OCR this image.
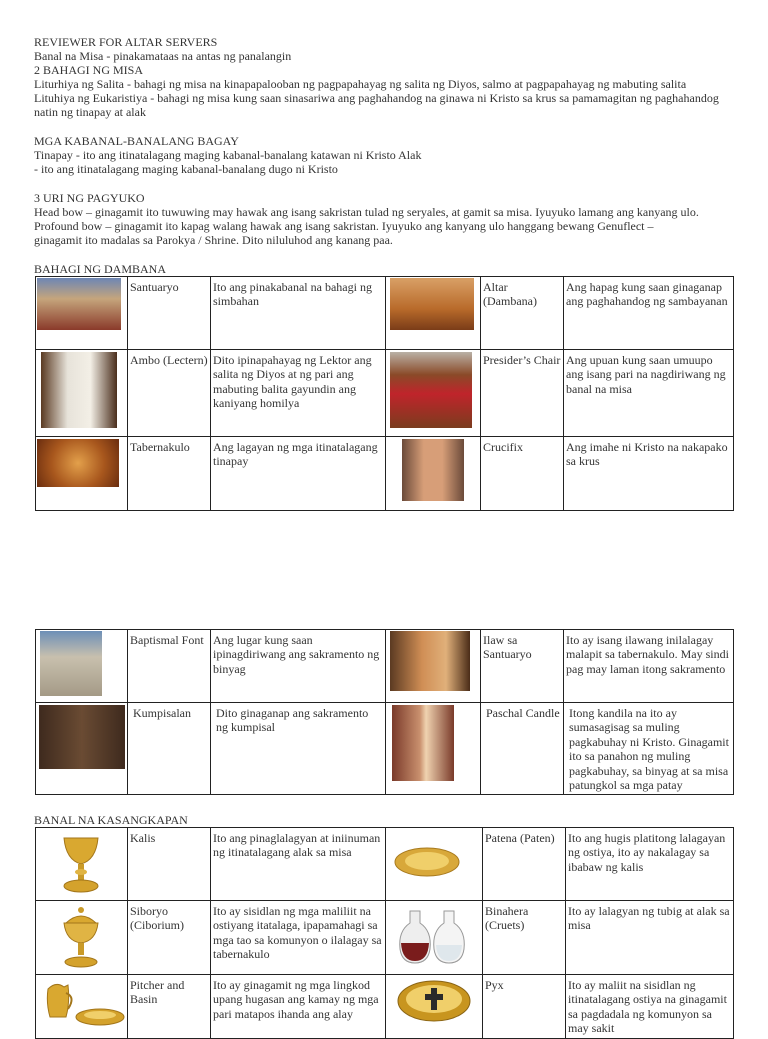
REVIEWER FOR ALTAR SERVERS
Banal na Misa - pinakamataas na antas ng panalangin
2 BAHAGI NG MISA
Liturhiya ng Salita - bahagi ng misa na kinapapalooban ng pagpapahayag ng salita ng Diyos, salmo at pagpapahayag ng mabuting salita
Lituhiya ng Eukaristiya - bahagi ng misa kung saan sinasariwa ang paghahandog na ginawa ni Kristo sa krus sa pamamagitan ng paghahandog natin ng tinapay at alak
MGA KABANAL-BANALANG BAGAY
Tinapay - ito ang itinatalagang maging kabanal-banalang katawan ni Kristo Alak
- ito ang itinatalagang maging kabanal-banalang dugo ni Kristo
3 URI NG PAGYUKO
Head bow – ginagamit ito tuwuwing may hawak ang isang sakristan tulad ng seryales, at gamit sa misa. Iyuyuko lamang ang kanyang ulo.
Profound bow – ginagamit ito kapag walang hawak ang isang sakristan. Iyuyuko ang kanyang ulo hanggang bewang Genuflect –
ginagamit ito madalas sa Parokya / Shrine. Dito niluluhod ang kanang paa.
BAHAGI NG DAMBANA
	Santuaryo	Ito ang pinakabanal na bahagi ng simbahan		Altar (Dambana)	Ang hapag kung saan ginaganap ang paghahandog ng sambayanan

	Ambo (Lectern)	Dito ipinapahayag ng Lektor ang salita ng Diyos at ng pari ang mabuting balita gayundin ang kaniyang homilya		Presider’s Chair	Ang upuan kung saan umuupo ang isang pari na nagdiriwang ng banal na misa

	Tabernakulo	Ang lagayan ng mga itinatalagang tinapay		Crucifix	Ang imahe ni Kristo na nakapako sa krus
	Baptismal Font	Ang lugar kung saan ipinagdiriwang ang sakramento ng binyag		Ilaw sa Santuaryo	Ito ay isang ilawang inilalagay malapit sa tabernakulo. May sindi pag may laman itong sakramento

	Kumpisalan	Dito ginaganap ang sakramento ng kumpisal		Paschal Candle	Itong kandila na ito ay sumasagisag sa muling pagkabuhay ni Kristo. Ginagamit ito sa panahon ng muling pagkabuhay, sa binyag at sa misa patungkol sa mga patay
BANAL NA KASANGKAPAN
	Kalis	Ito ang pinaglalagyan at iniinuman ng itinatalagang alak sa misa		Patena (Paten)	Ito ang hugis platitong lalagayan ng ostiya, ito ay nakalagay sa ibabaw ng kalis

	Siboryo (Ciborium)	Ito ay sisidlan ng mga maliliit na ostiyang itatalaga, ipapamahagi sa mga tao sa komunyon o ilalagay sa tabernakulo		Binahera (Cruets)	Ito ay lalagyan ng tubig at alak sa misa

	Pitcher and Basin	Ito ay ginagamit ng mga lingkod upang hugasan ang kamay ng mga pari matapos ihanda ang alay		Pyx	Ito ay maliit na sisidlan ng itinatalagang ostiya na ginagamit sa pagdadala ng komunyon sa may sakit
